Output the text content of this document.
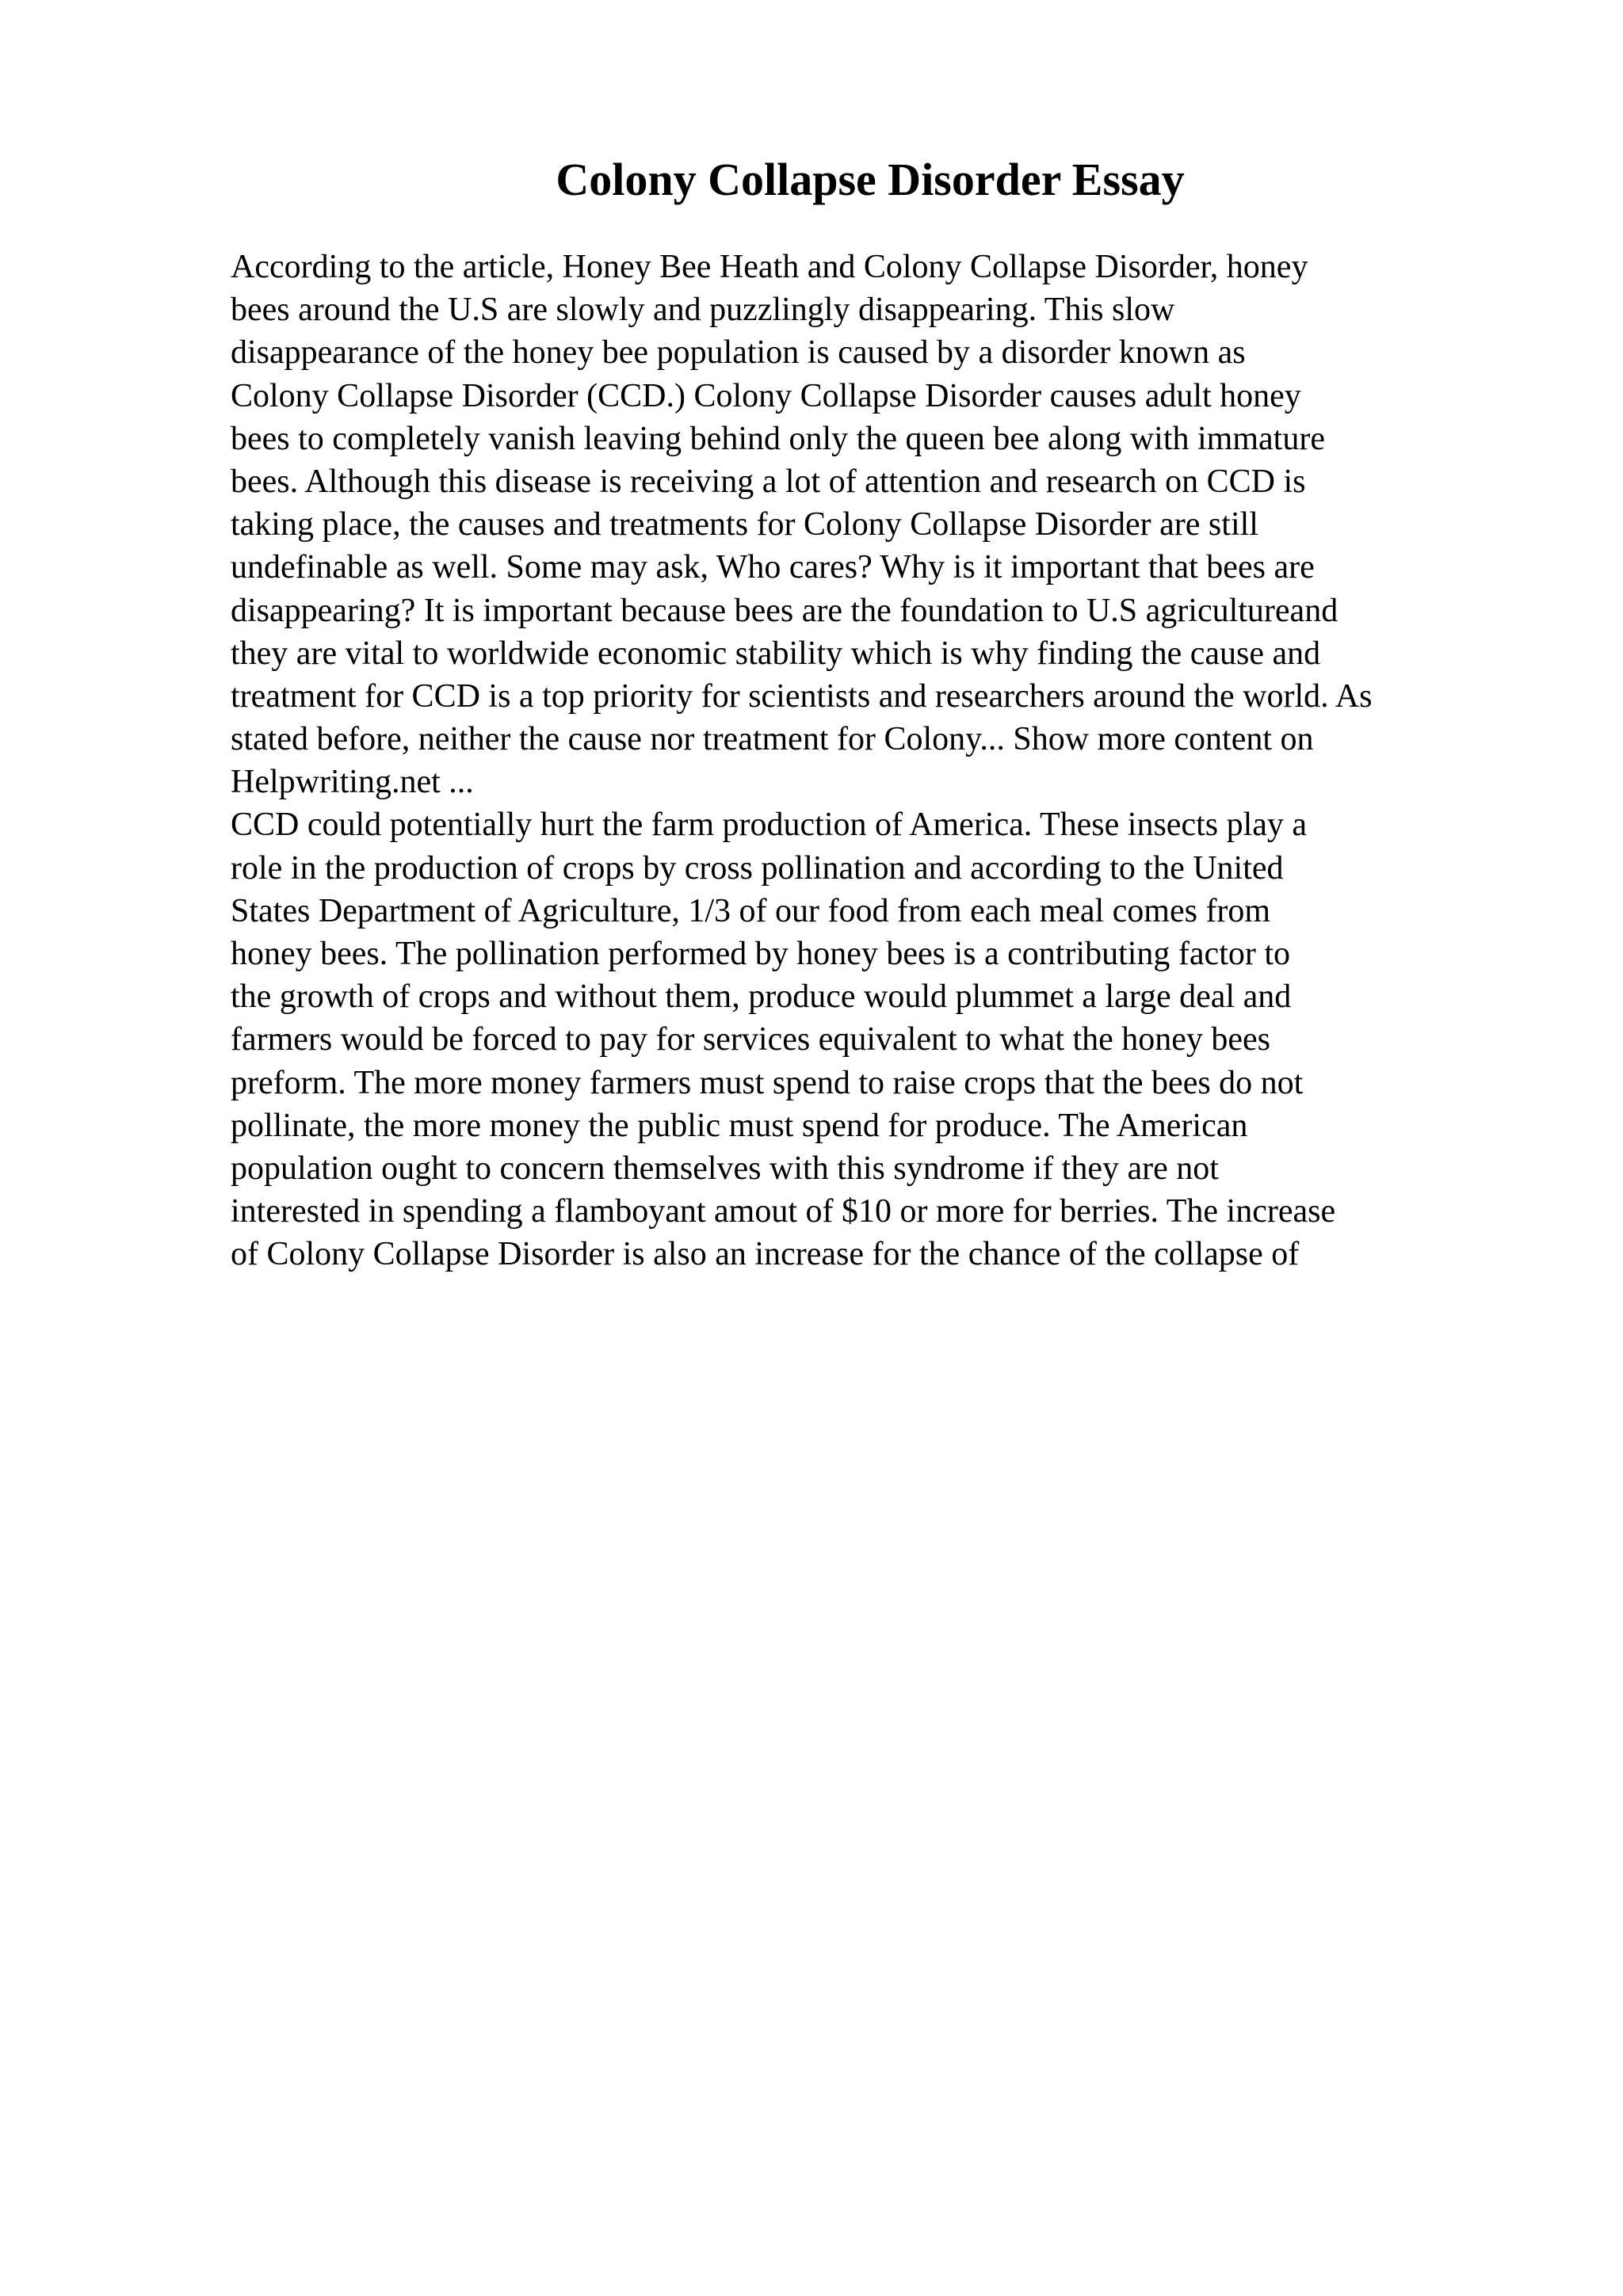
Colony Collapse Disorder Essay
According to the article, Honey Bee Heath and Colony Collapse Disorder, honey
bees around the U.S are slowly and puzzlingly disappearing. This slow
disappearance of the honey bee population is caused by a disorder known as
Colony Collapse Disorder (CCD.) Colony Collapse Disorder causes adult honey
bees to completely vanish leaving behind only the queen bee along with immature
bees. Although this disease is receiving a lot of attention and research on CCD is
taking place, the causes and treatments for Colony Collapse Disorder are still
undefinable as well. Some may ask, Who cares? Why is it important that bees are
disappearing? It is important because bees are the foundation to U.S agricultureand
they are vital to worldwide economic stability which is why finding the cause and
treatment for CCD is a top priority for scientists and researchers around the world. As
stated before, neither the cause nor treatment for Colony... Show more content on
Helpwriting.net ...
CCD could potentially hurt the farm production of America. These insects play a
role in the production of crops by cross pollination and according to the United
States Department of Agriculture, 1/3 of our food from each meal comes from
honey bees. The pollination performed by honey bees is a contributing factor to
the growth of crops and without them, produce would plummet a large deal and
farmers would be forced to pay for services equivalent to what the honey bees
preform. The more money farmers must spend to raise crops that the bees do not
pollinate, the more money the public must spend for produce. The American
population ought to concern themselves with this syndrome if they are not
interested in spending a flamboyant amout of $10 or more for berries. The increase
of Colony Collapse Disorder is also an increase for the chance of the collapse of
